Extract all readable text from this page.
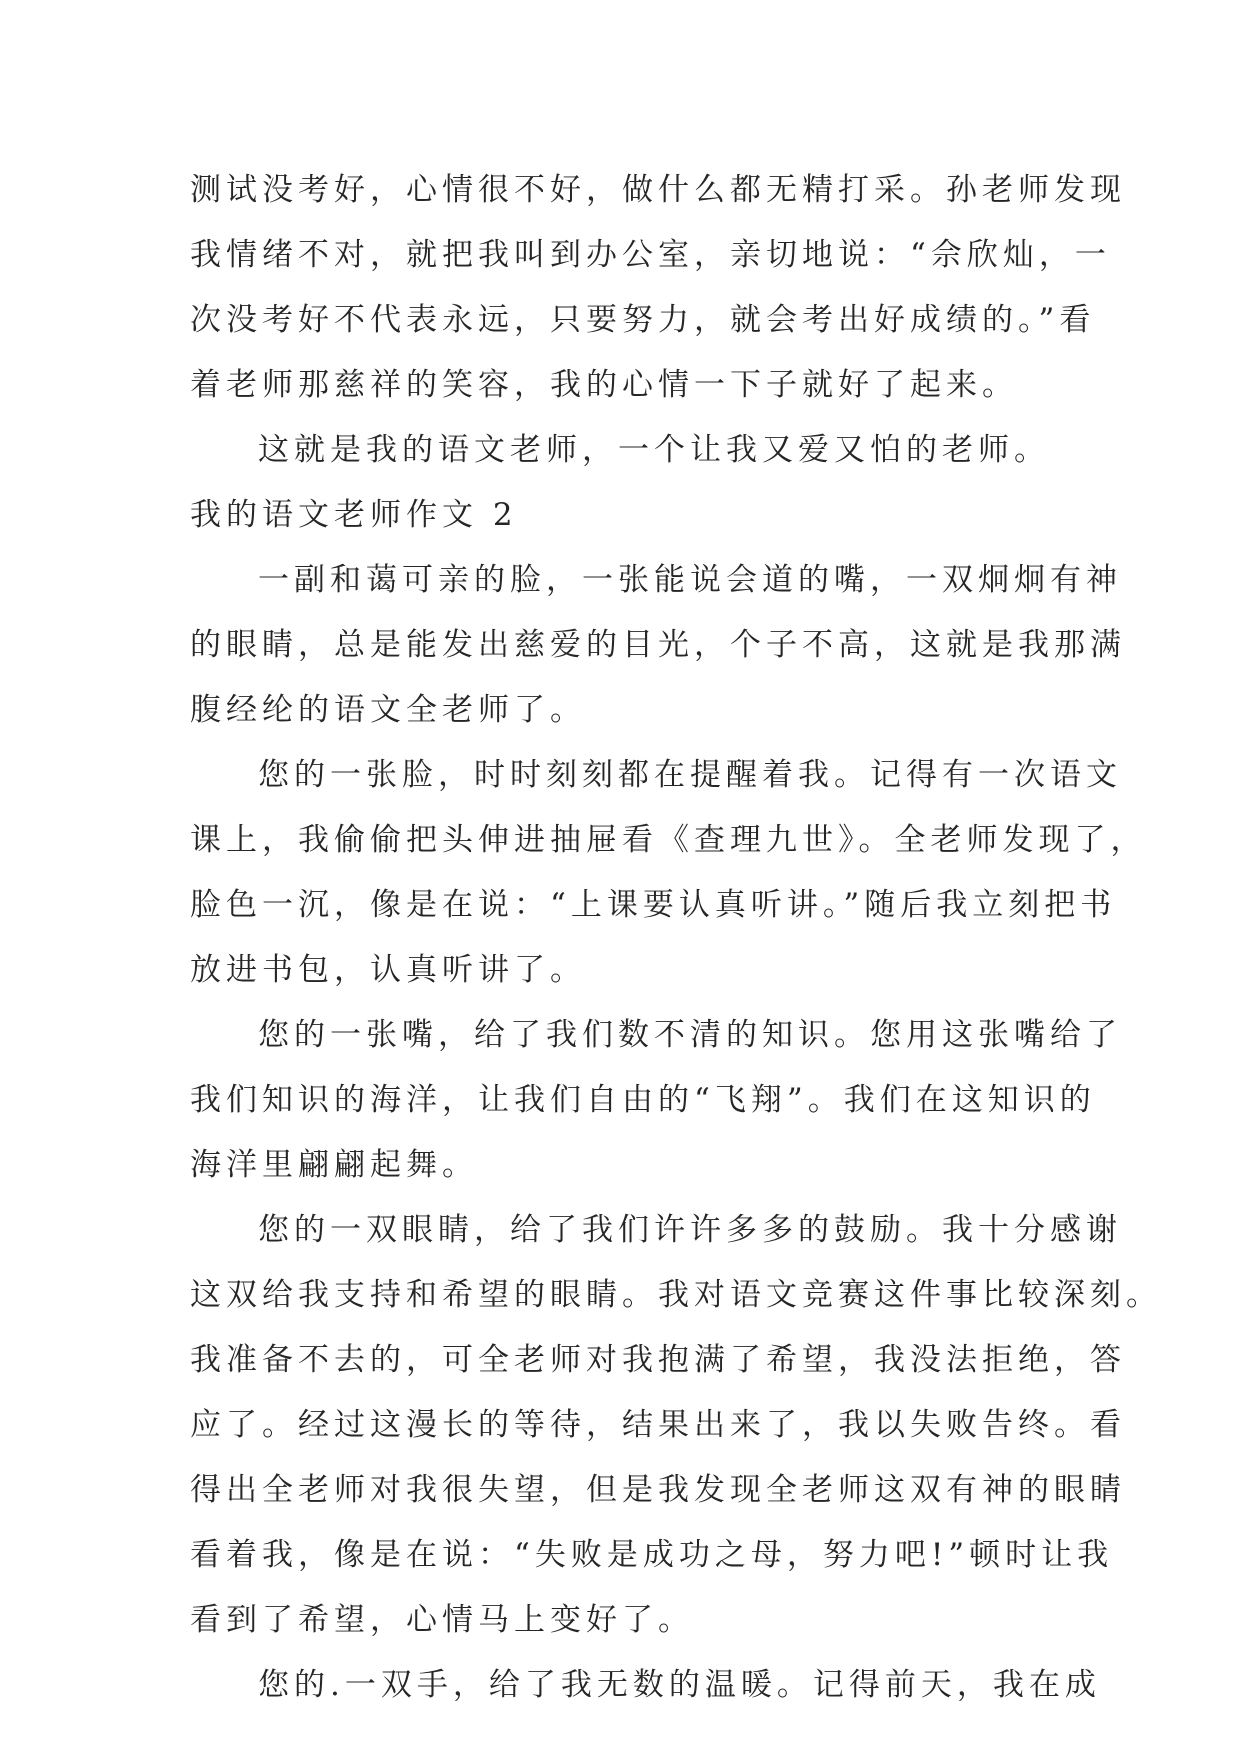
测试没考好，心情很不好，做什么都无精打采。孙老师发现
我情绪不对，就把我叫到办公室，亲切地说：“佘欣灿，一
次没考好不代表永远，只要努力，就会考出好成绩的。”看
着老师那慈祥的笑容，我的心情一下子就好了起来。
这就是我的语文老师，一个让我又爱又怕的老师。
我的语文老师作文 2
一副和蔼可亲的脸，一张能说会道的嘴，一双炯炯有神
的眼睛，总是能发出慈爱的目光，个子不高，这就是我那满
腹经纶的语文全老师了。
您的一张脸，时时刻刻都在提醒着我。记得有一次语文
课上，我偷偷把头伸进抽屉看《查理九世》。全老师发现了，
脸色一沉，像是在说：“上课要认真听讲。”随后我立刻把书
放进书包，认真听讲了。
您的一张嘴，给了我们数不清的知识。您用这张嘴给了
我们知识的海洋，让我们自由的“飞翔”。我们在这知识的
海洋里翩翩起舞。
您的一双眼睛，给了我们许许多多的鼓励。我十分感谢
这双给我支持和希望的眼睛。我对语文竞赛这件事比较深刻。
我准备不去的，可全老师对我抱满了希望，我没法拒绝，答
应了。经过这漫长的等待，结果出来了，我以失败告终。看
得出全老师对我很失望，但是我发现全老师这双有神的眼睛
看着我，像是在说：“失败是成功之母，努力吧!”顿时让我
看到了希望，心情马上变好了。
您的.一双手，给了我无数的温暖。记得前天，我在成
